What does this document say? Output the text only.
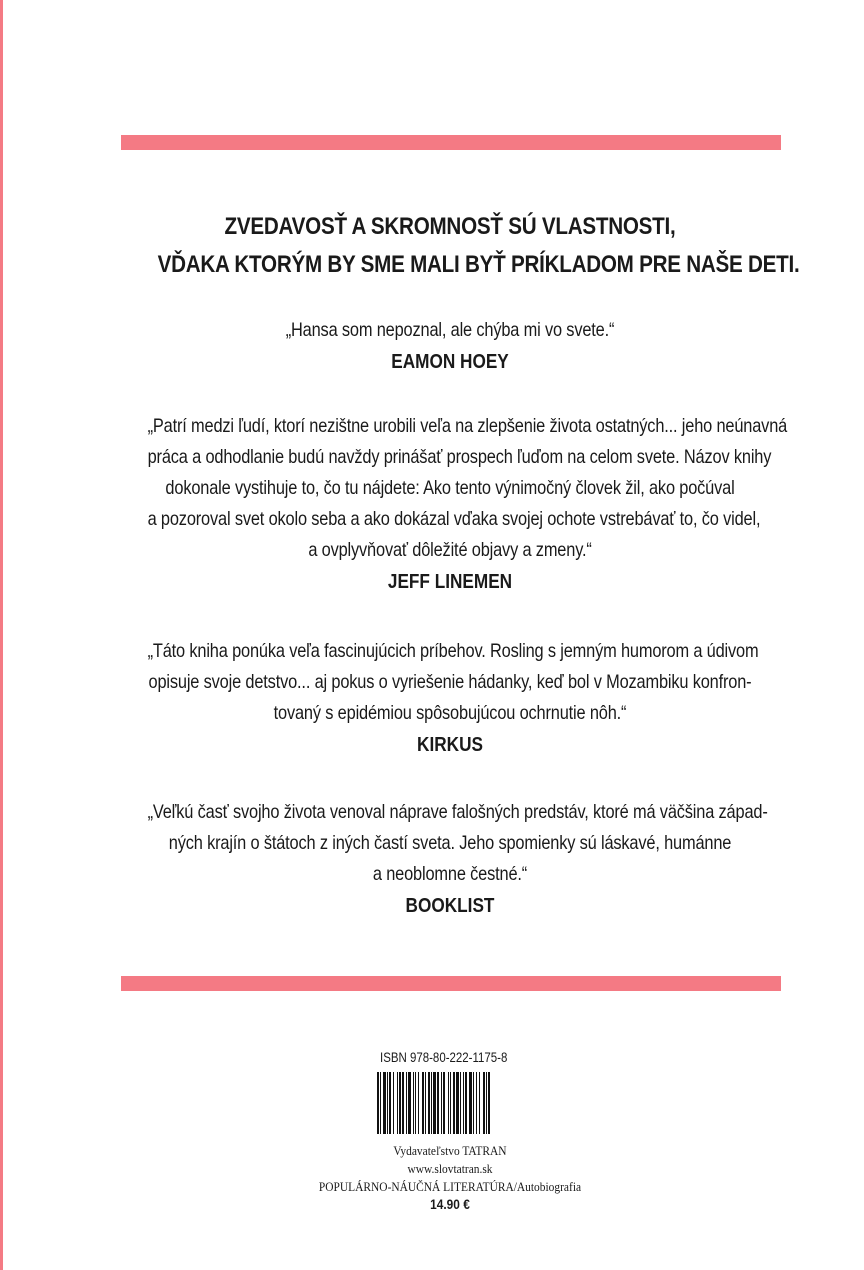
ZVEDAVOSŤ A SKROMNOSŤ SÚ VLASTNOSTI,
VĎAKA KTORÝM BY SME MALI BYŤ PRÍKLADOM PRE NAŠE DETI.
„Hansa som nepoznal, ale chýba mi vo svete.“
EAMON HOEY
„Patrí medzi ľudí, ktorí nezištne urobili veľa na zlepšenie života ostatných... jeho neúnavná
práca a odhodlanie budú navždy prinášať prospech ľuďom na celom svete. Názov knihy
dokonale vystihuje to, čo tu nájdete: Ako tento výnimočný človek žil, ako počúval
a pozoroval svet okolo seba a ako dokázal vďaka svojej ochote vstrebávať to, čo videl,
a ovplyvňovať dôležité objavy a zmeny.“
JEFF LINEMEN
„Táto kniha ponúka veľa fascinujúcich príbehov. Rosling s jemným humorom a údivom
opisuje svoje detstvo... aj pokus o vyriešenie hádanky, keď bol v Mozambiku konfron-
tovaný s epidémiou spôsobujúcou ochrnutie nôh.“
KIRKUS
„Veľkú časť svojho života venoval náprave falošných predstáv, ktoré má väčšina západ-
ných krajín o štátoch z iných častí sveta. Jeho spomienky sú láskavé, humánne
a neoblomne čestné.“
BOOKLIST
ISBN 978-80-222-1175-8
Vydavateľstvo TATRAN
www.slovtatran.sk
POPULÁRNO-NÁUČNÁ LITERATÚRA/Autobiografia
14.90 €
